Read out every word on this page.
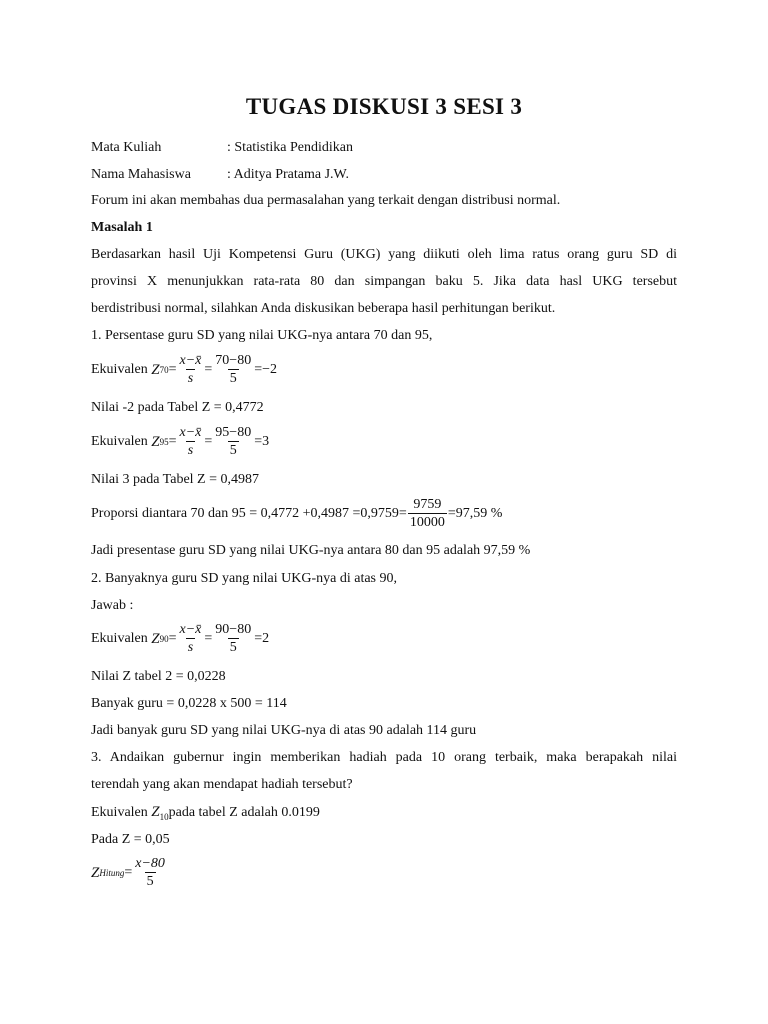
TUGAS DISKUSI 3 SESI 3
Mata Kuliah	: Statistika Pendidikan
Nama Mahasiswa	: Aditya Pratama J.W.
Forum ini akan membahas dua permasalahan yang terkait dengan distribusi normal.
Masalah 1
Berdasarkan hasil Uji Kompetensi Guru (UKG) yang diikuti oleh lima ratus orang guru SD di
provinsi X menunjukkan rata-rata 80 dan simpangan baku 5. Jika data hasl UKG tersebut
berdistribusi normal, silahkan Anda diskusikan beberapa hasil perhitungan berikut.
1. Persentase guru SD yang nilai UKG-nya antara 70 dan 95,
Ekuivalen
Z 70 =
x−x̄
s
= $\frac{70-80}{5} =-2$
Nilai -2 pada Tabel Z = 0,4772
Ekuivalen
Z 95 =
x−x̄
s
= $\frac{95-80}{5} =3$
Nilai 3 pada Tabel Z = 0,4987
Proporsi diantara 70 dan $95 = 0,4772 +0,4987 =0,9759= \frac{9759}{10000} =97,59$ %
Jadi presentase guru SD yang nilai UKG-nya antara 80 dan 95 adalah 97,59 %
2. Banyaknya guru SD yang nilai UKG-nya di atas 90,
Jawab :
Ekuivalen
Z 90 =
x−x̄
s
= $\frac{90-80}{5} =2$
Nilai Z tabel 2 = 0,0228
Banyak guru = 0,0228 x 500 = 114
Jadi banyak guru SD yang nilai UKG-nya di atas 90 adalah 114 guru
3. Andaikan gubernur ingin memberikan hadiah pada 10 orang terbaik, maka berapakah nilai
terendah yang akan mendapat hadiah tersebut?
Ekuivalen $Z_{10}pada$ tabel Z adalah 0.0199
Pada Z = 0,05
Z Hitung =
x−80
5
